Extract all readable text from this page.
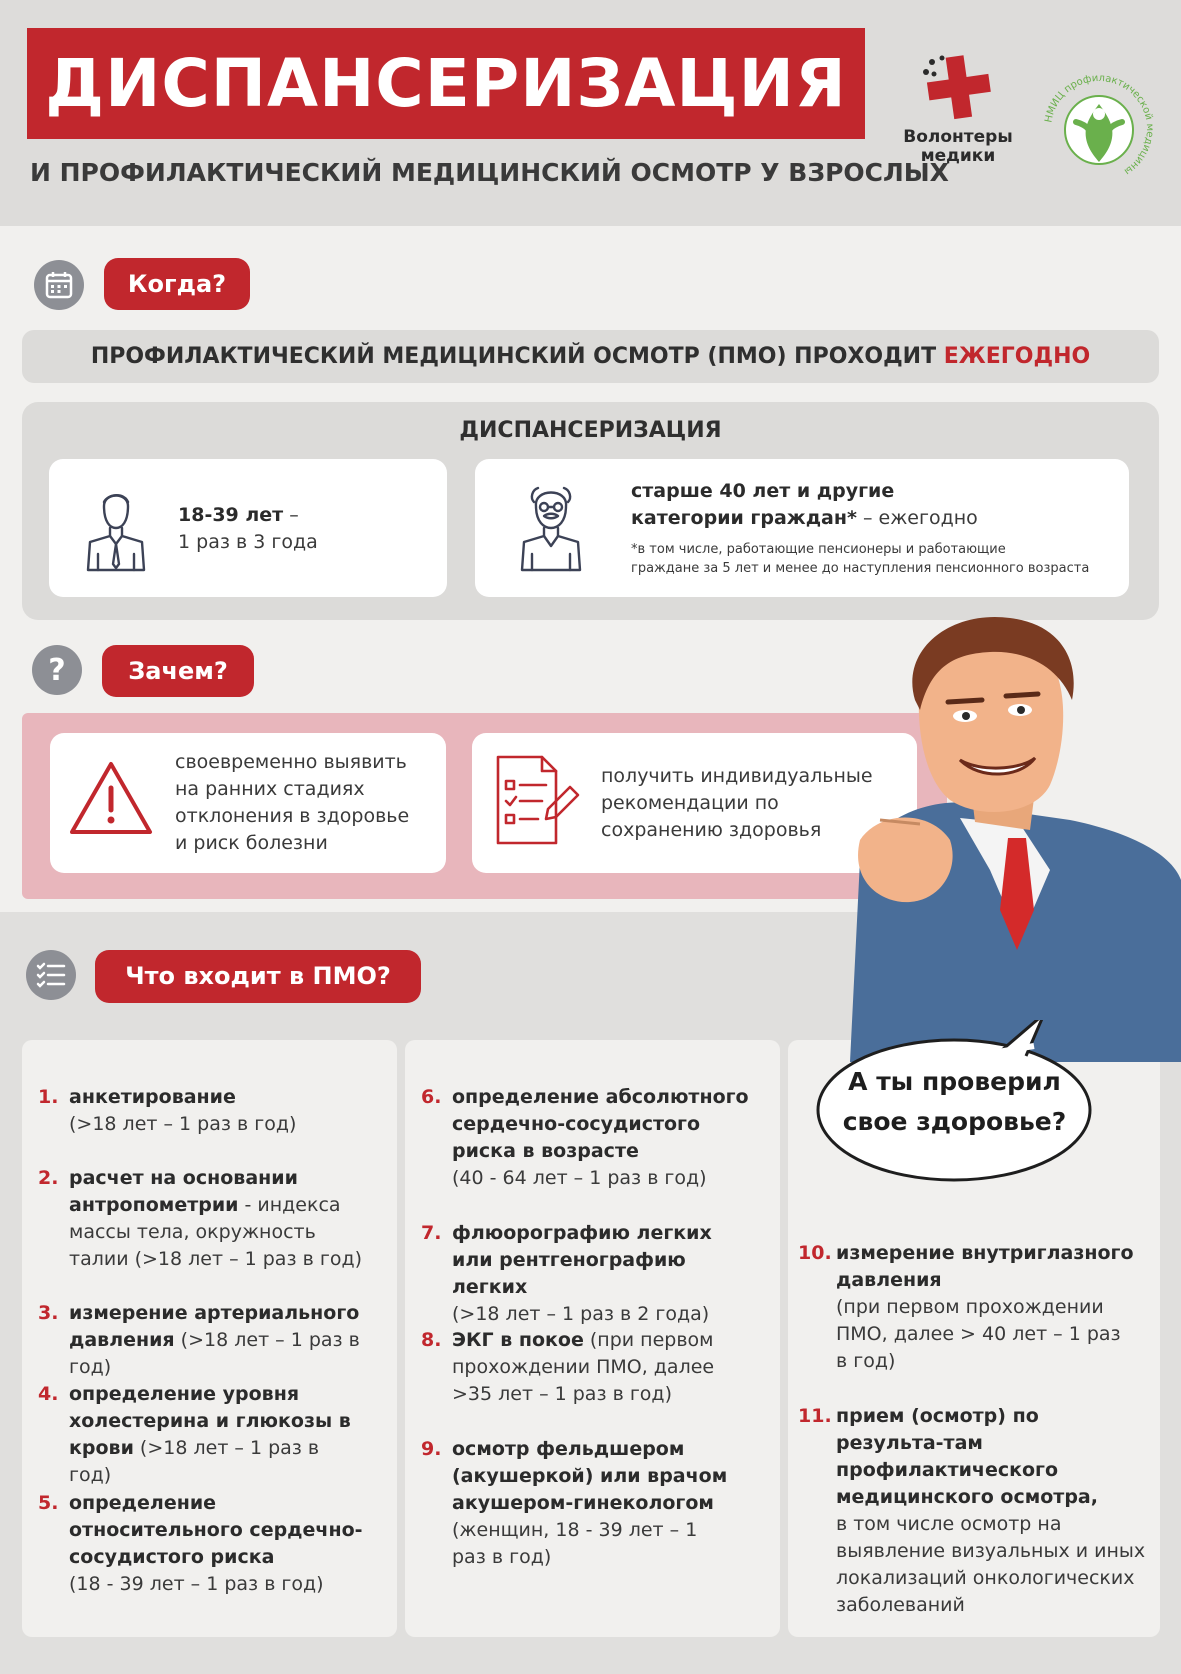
ДИСПАНСЕРИЗАЦИЯ
И ПРОФИЛАКТИЧЕСКИЙ МЕДИЦИНСКИЙ ОСМОТР У ВЗРОСЛЫХ
Волонтеры
медики
НМИЦ профилактической медицины
Когда?
ПРОФИЛАКТИЧЕСКИЙ МЕДИЦИНСКИЙ ОСМОТР (ПМО) ПРОХОДИТ ЕЖЕГОДНО
ДИСПАНСЕРИЗАЦИЯ
18-39 лет –
1 раз в 3 года
старше 40 лет и другие
категории граждан* – ежегодно
*в том числе, работающие пенсионеры и работающие
граждане за 5 лет и менее до наступления пенсионного возраста
?	Зачем?
своевременно выявить
на ранних стадиях
отклонения в здоровье
и риск болезни
получить индивидуальные
рекомендации по
сохранению здоровья
Что входит в ПМО?
1. анкетирование
(>18 лет – 1 раз в год)
2. расчет на основании антропометрии - индекса массы тела, окружность талии (>18 лет – 1 раз в год)
3. измерение артериального давления (>18 лет – 1 раз в год)
4. определение уровня холестерина и глюкозы в крови (>18 лет – 1 раз в год)
5. определение относительного сердечно-сосудистого риска
(18 - 39 лет – 1 раз в год)
6. определение абсолютного сердечно-сосудистого риска в возрасте
(40 - 64 лет – 1 раз в год)
7. флюорографию легких или рентгенографию легких
(>18 лет – 1 раз в 2 года)
8. ЭКГ в покое (при первом прохождении ПМО, далее >35 лет – 1 раз в год)
9. осмотр фельдшером (акушеркой) или врачом акушером-гинекологом
(женщин, 18 - 39 лет – 1 раз в год)
10. измерение внутриглазного давления
(при первом прохождении ПМО, далее > 40 лет – 1 раз в год)
11. прием (осмотр) по результа-там профилактического медицинского осмотра,
в том числе осмотр на выявление визуальных и иных локализаций онкологических заболеваний
А ты проверил
свое здоровье?
